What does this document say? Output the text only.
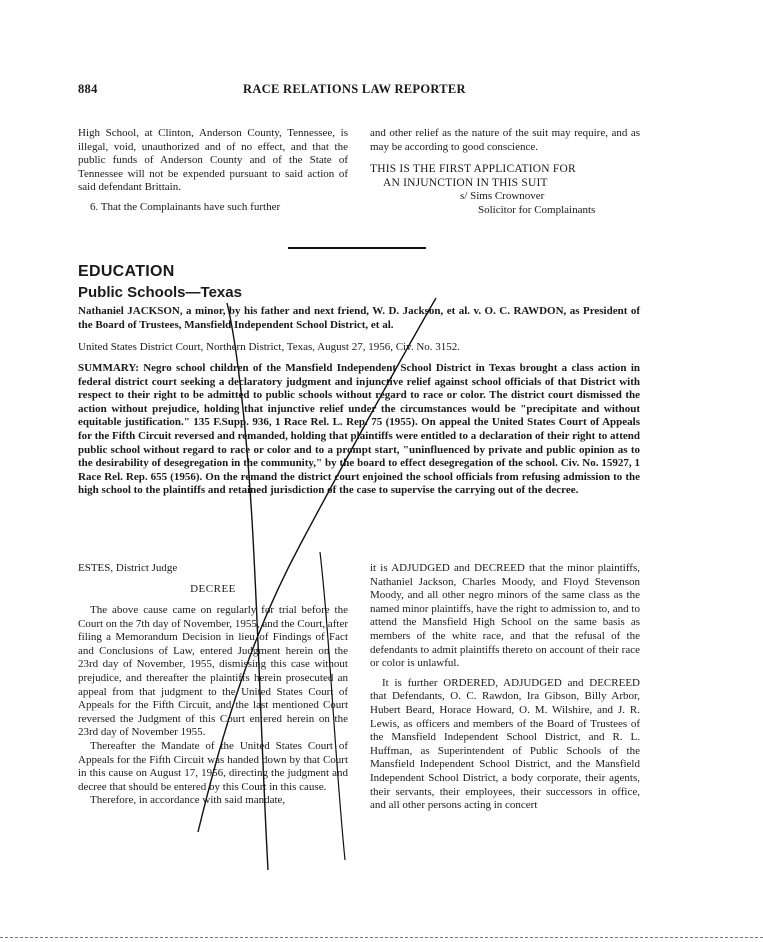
884	RACE RELATIONS LAW REPORTER

High School, at Clinton, Anderson County, Tennessee, is illegal, void, unauthorized and of no effect, and that the public funds of Anderson County and of the State of Tennessee will not be expended pursuant to said action of said defendant Brittain.

6. That the Complainants have such further

and other relief as the nature of the suit may require, and as may be according to good conscience.

THIS IS THE FIRST APPLICATION FOR

AN INJUNCTION IN THIS SUIT

s/ Sims Crownover

Solicitor for Complainants

EDUCATION
Public Schools—Texas

Nathaniel JACKSON, a minor, by his father and next friend, W. D. Jackson, et al. v. O. C. RAWDON, as President of the Board of Trustees, Mansfield Independent School District, et al.

United States District Court, Northern District, Texas, August 27, 1956, Civ. No. 3152.

SUMMARY: Negro school children of the Mansfield Independent School District in Texas brought a class action in federal district court seeking a declaratory judgment and injunctive relief against school officials of that District with respect to their right to be admitted to public schools without regard to race or color. The district court dismissed the action without prejudice, holding that injunctive relief under the circumstances would be "precipitate and without equitable justification." 135 F.Supp. 936, 1 Race Rel. L. Rep. 75 (1955). On appeal the United States Court of Appeals for the Fifth Circuit reversed and remanded, holding that plaintiffs were entitled to a declaration of their right to attend public school without regard to race or color and to a prompt start, "uninfluenced by private and public opinion as to the desirability of desegregation in the community," by the board to effect desegregation of the school. Civ. No. 15927, 1 Race Rel. Rep. 655 (1956). On the remand the district court enjoined the school officials from refusing admission to the high school to the plaintiffs and retained jurisdiction of the case to supervise the carrying out of the decree.

ESTES, District Judge

DECREE

The above cause came on regularly for trial before the Court on the 7th day of November, 1955, and the Court, after filing a Memorandum Decision in lieu of Findings of Fact and Conclusions of Law, entered Judgment herein on the 23rd day of November, 1955, dismissing this case without prejudice, and thereafter the plaintiffs herein prosecuted an appeal from that judgment to the United States Court of Appeals for the Fifth Circuit, and the last mentioned Court reversed the Judgment of this Court entered herein on the 23rd day of November 1955.

Thereafter the Mandate of the United States Court of Appeals for the Fifth Circuit was handed down by that Court in this cause on August 17, 1956, directing the judgment and decree that should be entered by this Court in this cause.

Therefore, in accordance with said mandate,

it is ADJUDGED and DECREED that the minor plaintiffs, Nathaniel Jackson, Charles Moody, and Floyd Stevenson Moody, and all other negro minors of the same class as the named minor plaintiffs, have the right to admission to, and to attend the Mansfield High School on the same basis as members of the white race, and that the refusal of the defendants to admit plaintiffs thereto on account of their race or color is unlawful.

It is further ORDERED, ADJUDGED and DECREED that Defendants, O. C. Rawdon, Ira Gibson, Billy Arbor, Hubert Beard, Horace Howard, O. M. Wilshire, and J. R. Lewis, as officers and members of the Board of Trustees of the Mansfield Independent School District, and R. L. Huffman, as Superintendent of Public Schools of the Mansfield Independent School District, and the Mansfield Independent School District, a body corporate, their agents, their servants, their employees, their successors in office, and all other persons acting in concert
